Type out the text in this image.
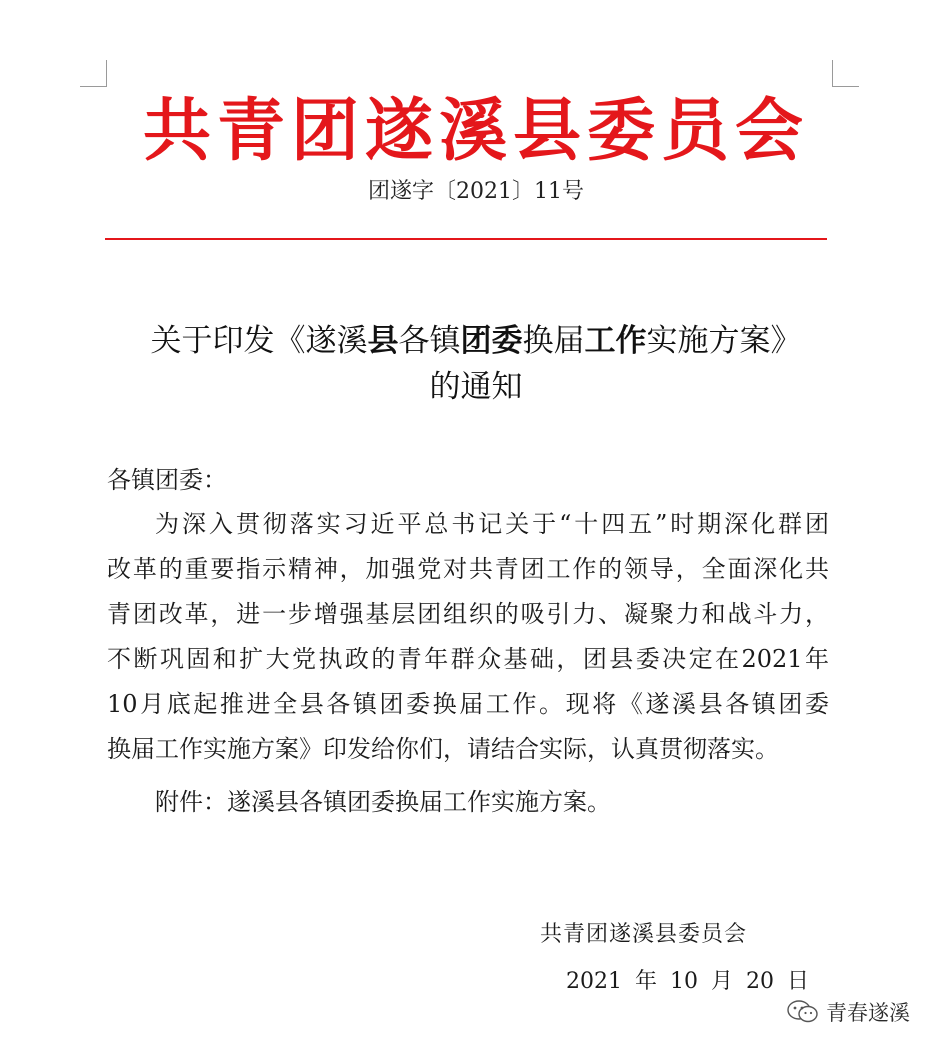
共青团遂溪县委员会
团遂字〔2021〕11号
关于印发《遂溪县各镇团委换届工作实施方案》
的通知
各镇团委：
为深入贯彻落实习近平总书记关于“十四五”时期深化群团
改革的重要指示精神，加强党对共青团工作的领导，全面深化共
青团改革，进一步增强基层团组织的吸引力、凝聚力和战斗力，
不断巩固和扩大党执政的青年群众基础，团县委决定在2021年
10月底起推进全县各镇团委换届工作。现将《遂溪县各镇团委
换届工作实施方案》印发给你们，请结合实际，认真贯彻落实。
附件：遂溪县各镇团委换届工作实施方案。
共青团遂溪县委员会
2021 年 10 月 20 日
青春遂溪
